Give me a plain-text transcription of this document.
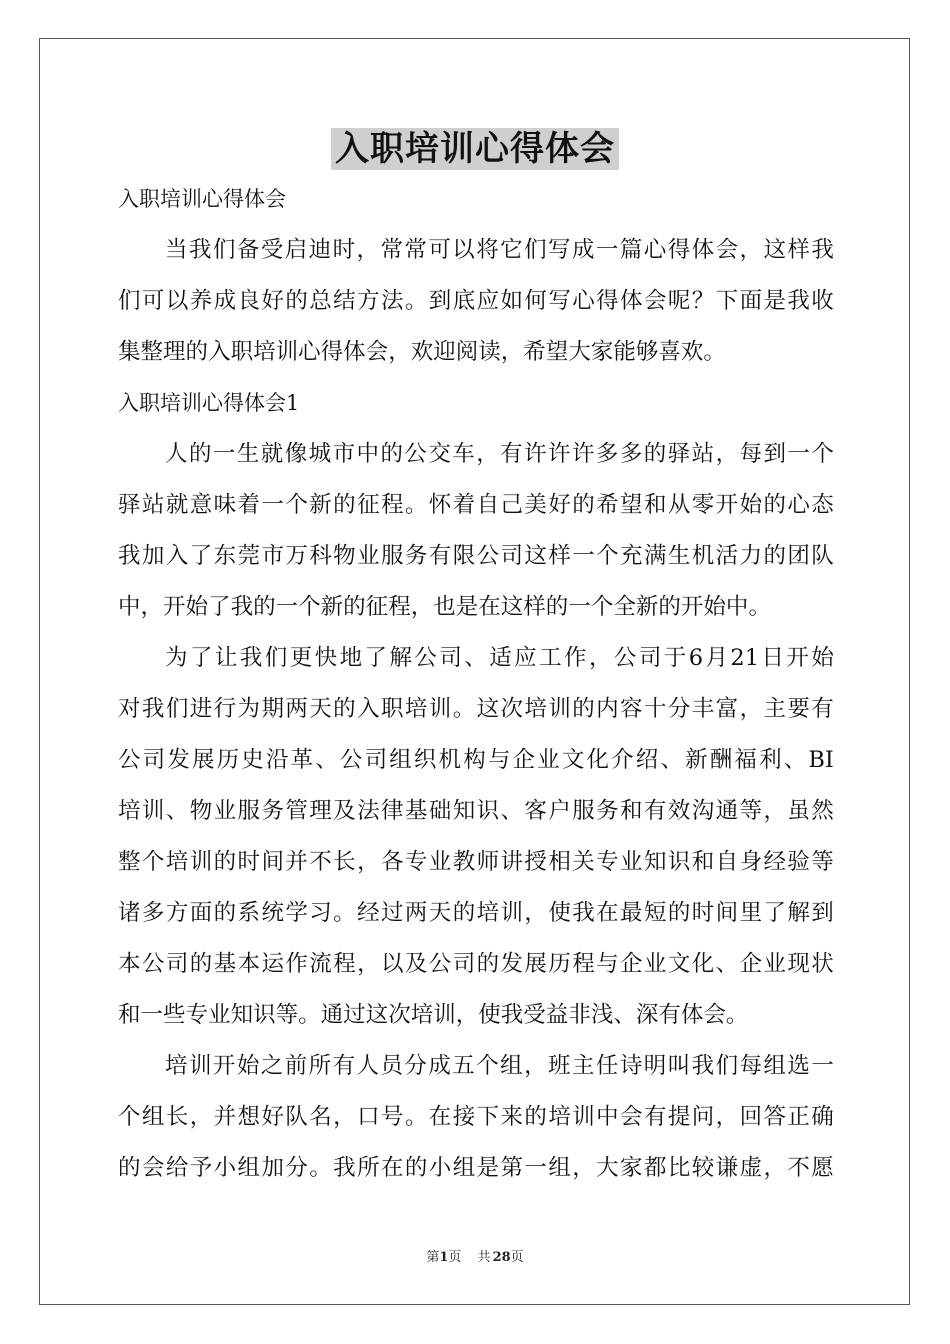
入职培训心得体会
入 职 培 训 心 得 体 会
当 我 们 备 受 启 迪 时 ， 常 常 可 以 将 它 们 写 成 一 篇 心 得 体 会 ， 这 样 我
们 可 以 养 成 良 好 的 总 结 方 法 。 到 底 应 如 何 写 心 得 体 会 呢 ？ 下 面 是 我 收
集 整 理 的 入 职 培 训 心 得 体 会 ， 欢 迎 阅 读 ， 希 望 大 家 能 够 喜 欢 。
入 职 培 训 心 得 体 会 1
人 的 一 生 就 像 城 市 中 的 公 交 车 ， 有 许 许 许 多 多 的 驿 站 ， 每 到 一 个
驿 站 就 意 味 着 一 个 新 的 征 程 。 怀 着 自 己 美 好 的 希 望 和 从 零 开 始 的 心 态
我 加 入 了 东 莞 市 万 科 物 业 服 务 有 限 公 司 这 样 一 个 充 满 生 机 活 力 的 团 队
中 ， 开 始 了 我 的 一 个 新 的 征 程 ， 也 是 在 这 样 的 一 个 全 新 的 开 始 中 。
为 了 让 我 们 更 快 地 了 解 公 司 、 适 应 工 作 ， 公 司 于 6 月 21 日 开 始
对 我 们 进 行 为 期 两 天 的 入 职 培 训 。 这 次 培 训 的 内 容 十 分 丰 富 ， 主 要 有
公 司 发 展 历 史 沿 革 、 公 司 组 织 机 构 与 企 业 文 化 介 绍 、 新 酬 福 利 、 BI
培 训 、 物 业 服 务 管 理 及 法 律 基 础 知 识 、 客 户 服 务 和 有 效 沟 通 等 ， 虽 然
整 个 培 训 的 时 间 并 不 长 ， 各 专 业 教 师 讲 授 相 关 专 业 知 识 和 自 身 经 验 等
诸 多 方 面 的 系 统 学 习 。 经 过 两 天 的 培 训 ， 使 我 在 最 短 的 时 间 里 了 解 到
本 公 司 的 基 本 运 作 流 程 ， 以 及 公 司 的 发 展 历 程 与 企 业 文 化 、 企 业 现 状
和 一 些 专 业 知 识 等 。 通 过 这 次 培 训 ， 使 我 受 益 非 浅 、 深 有 体 会 。
培 训 开 始 之 前 所 有 人 员 分 成 五 个 组 ， 班 主 任 诗 明 叫 我 们 每 组 选 一
个 组 长 ， 并 想 好 队 名 ， 口 号 。 在 接 下 来 的 培 训 中 会 有 提 问 ， 回 答 正 确
的 会 给 予 小 组 加 分 。 我 所 在 的 小 组 是 第 一 组 ， 大 家 都 比 较 谦 虚 ， 不 愿
第1页 共 28页
